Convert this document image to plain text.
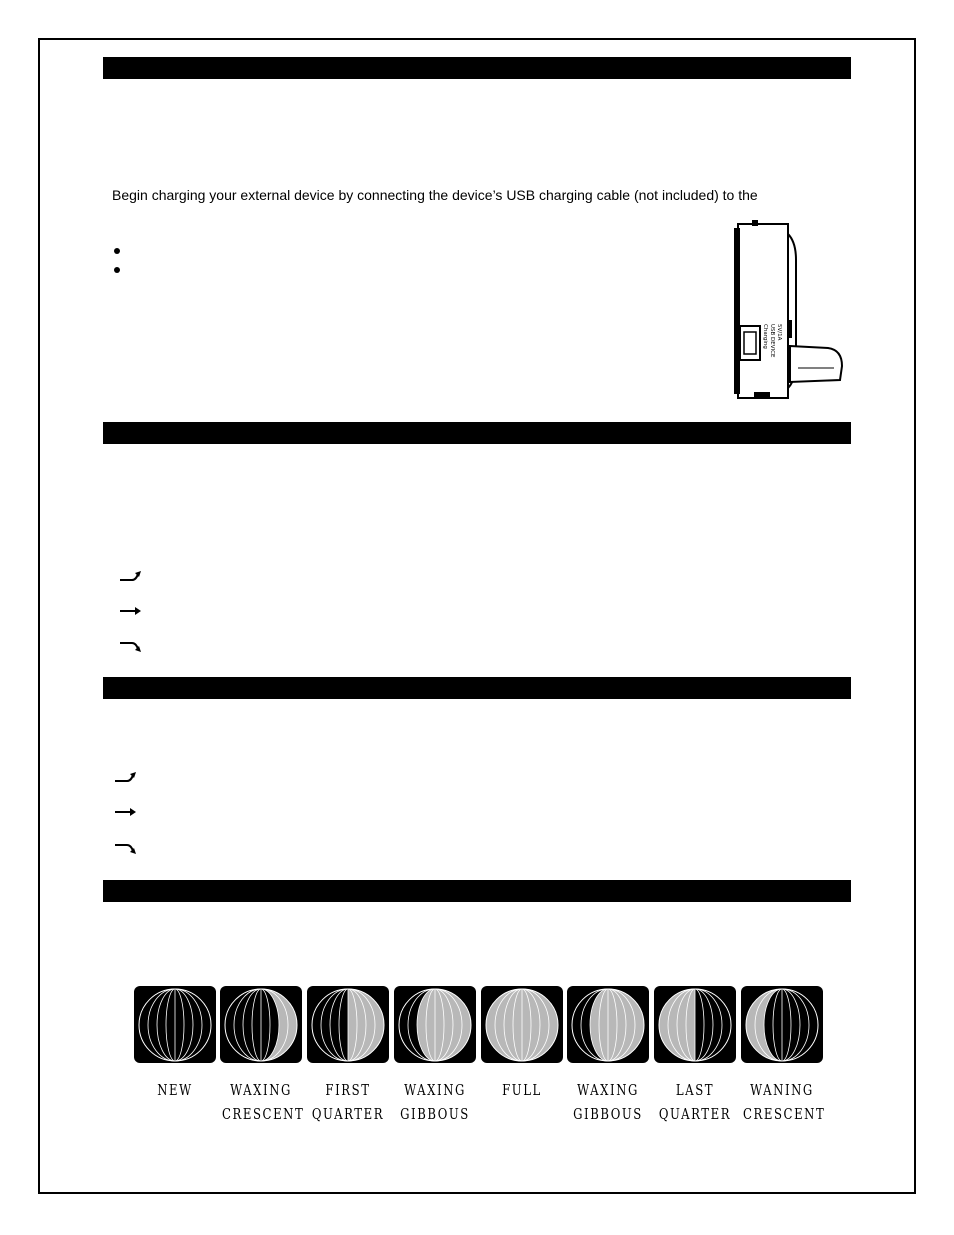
Begin charging your external device by connecting the device’s USB charging cable (not included) to the
Charging USB DEVICE 5V/1A
NEW	WAXING
CRESCENT
FIRST
QUARTER
WAXING
GIBBOUS
FULL	WAXING
GIBBOUS
LAST
QUARTER
WANING
CRESCENT
